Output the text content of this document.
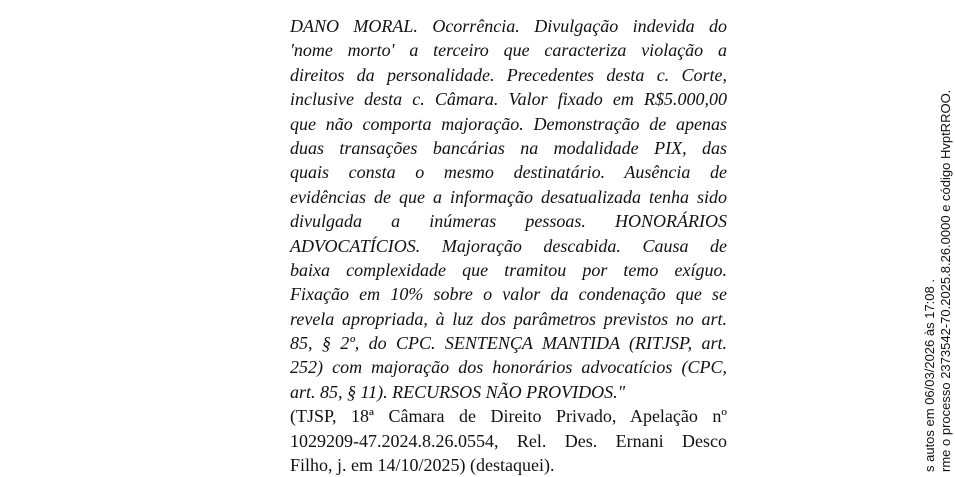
DANO MORAL. Ocorrência. Divulgação indevida do
'nome morto' a terceiro que caracteriza violação a
direitos da personalidade. Precedentes desta c. Corte,
inclusive desta c. Câmara. Valor fixado em R$5.000,00
que não comporta majoração. Demonstração de apenas
duas transações bancárias na modalidade PIX, das
quais consta o mesmo destinatário. Ausência de
evidências de que a informação desatualizada tenha sido
divulgada a inúmeras pessoas. HONORÁRIOS
ADVOCATÍCIOS. Majoração descabida. Causa de
baixa complexidade que tramitou por temo exíguo.
Fixação em 10% sobre o valor da condenação que se
revela apropriada, à luz dos parâmetros previstos no art.
85, § 2º, do CPC. SENTENÇA MANTIDA (RITJSP, art.
252) com majoração dos honorários advocatícios (CPC,
art. 85, § 11). RECURSOS NÃO PROVIDOS."
(TJSP, 18ª Câmara de Direito Privado, Apelação nº
1029209-47.2024.8.26.0554, Rel. Des. Ernani Desco
Filho, j. em 14/10/2025) (destaquei).	s autos em 06/03/2026 às 17:08 . rme o processo 2373542-70.2025.8.26.0000 e código HvptRROO.
